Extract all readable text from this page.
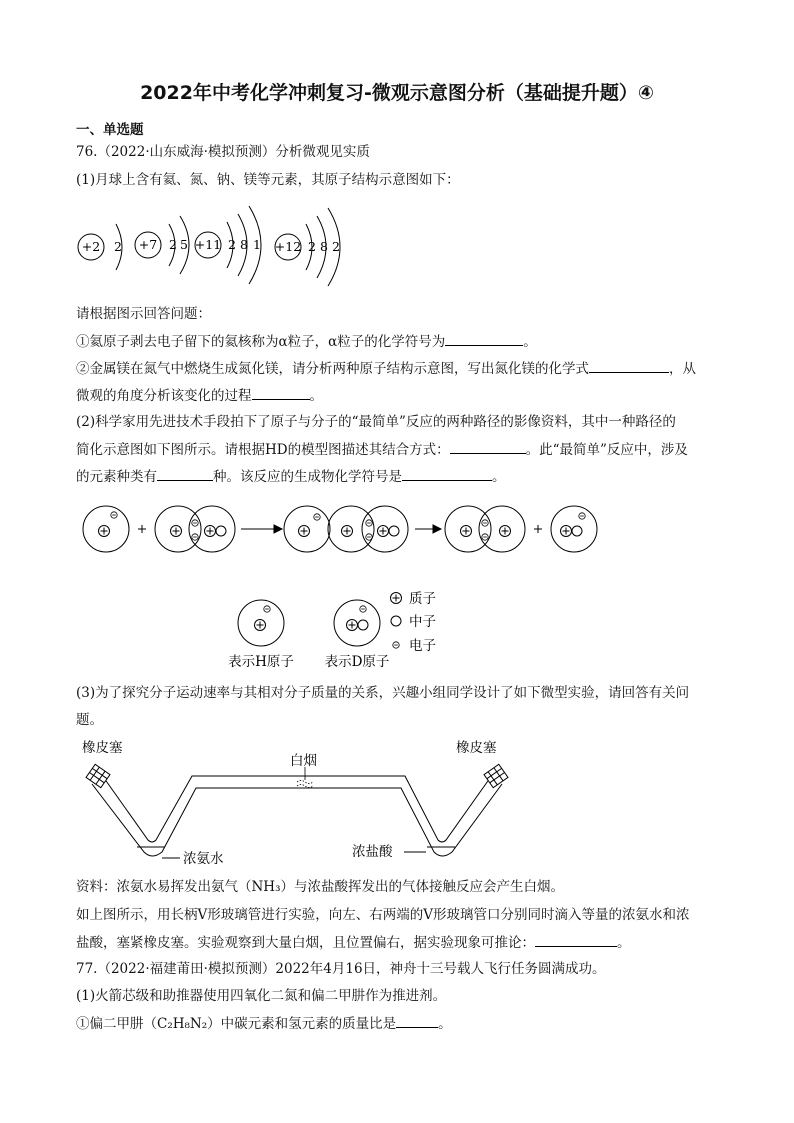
2022年中考化学冲刺复习-微观示意图分析（基础提升题）④
一、单选题
76.（2022·山东威海·模拟预测）分析微观见实质
(1)月球上含有氦、氮、钠、镁等元素，其原子结构示意图如下：
+2 2 +7 2 5 +11 2 8 1 +12 2 8 2
请根据图示回答问题：
①氦原子剥去电子留下的氦核称为α粒子，α粒子的化学符号为	。
②金属镁在氮气中燃烧生成氮化镁，请分析两种原子结构示意图，写出氮化镁的化学式	，从
微观的角度分析该变化的过程	。
(2)科学家用先进技术手段拍下了原子与分子的“最简单”反应的两种路径的影像资料，其中一种路径的
简化示意图如下图所示。请根据HD的模型图描述其结合方式：	。此“最简单”反应中，涉及
的元素种类有	种。该反应的生成物化学符号是	。
质子
中子
电子
表示H原子 表示D原子
(3)为了探究分子运动速率与其相对分子质量的关系，兴趣小组同学设计了如下微型实验，请回答有关问
题。
橡皮塞	橡皮塞
白烟
浓氨水	浓盐酸
资料：浓氨水易挥发出氨气（NH₃）与浓盐酸挥发出的气体接触反应会产生白烟。
如上图所示，用长柄V形玻璃管进行实验，向左、右两端的V形玻璃管口分别同时滴入等量的浓氨水和浓
盐酸，塞紧橡皮塞。实验观察到大量白烟，且位置偏右，据实验现象可推论：	。
77.（2022·福建莆田·模拟预测）2022年4月16日，神舟十三号载人飞行任务圆满成功。
(1)火箭芯级和助推器使用四氧化二氮和偏二甲肼作为推进剂。
①偏二甲肼（C₂H₈N₂）中碳元素和氢元素的质量比是	。
